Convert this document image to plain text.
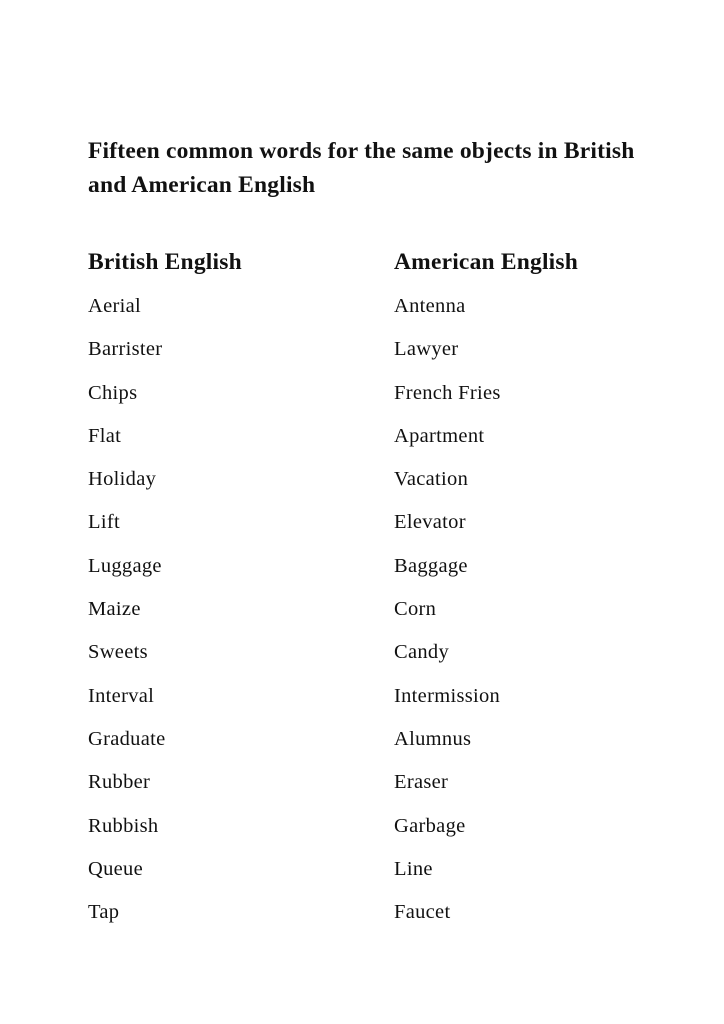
Fifteen common words for the same objects in British and American English
British English	American English
Aerial	Antenna
Barrister	Lawyer
Chips	French Fries
Flat	Apartment
Holiday	Vacation
Lift	Elevator
Luggage	Baggage
Maize	Corn
Sweets	Candy
Interval	Intermission
Graduate	Alumnus
Rubber	Eraser
Rubbish	Garbage
Queue	Line
Tap	Faucet
